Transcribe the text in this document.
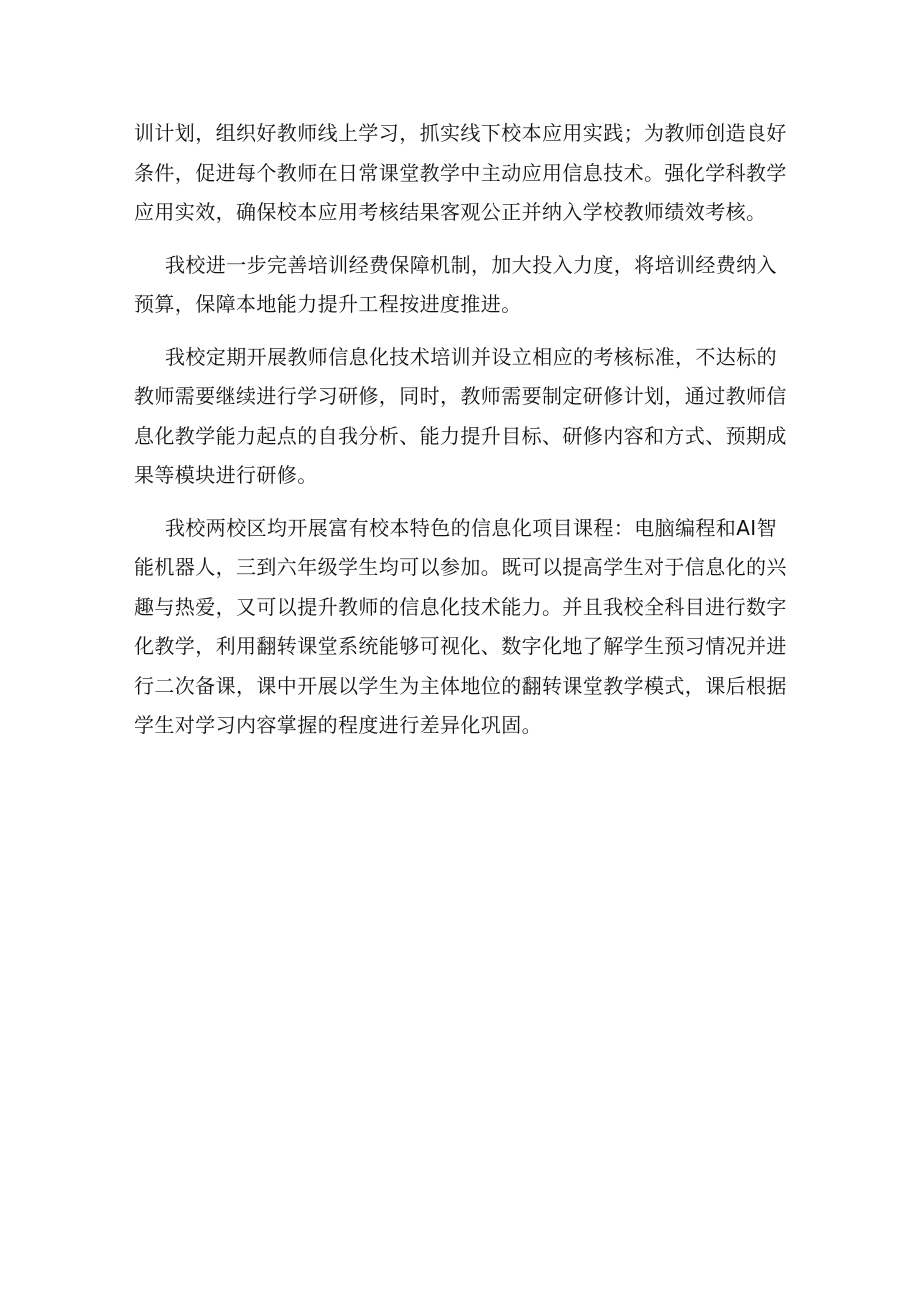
训计划，组织好教师线上学习，抓实线下校本应用实践；为教师创造良好条件，促进每个教师在日常课堂教学中主动应用信息技术。强化学科教学应用实效，确保校本应用考核结果客观公正并纳入学校教师绩效考核。

我校进一步完善培训经费保障机制，加大投入力度，将培训经费纳入预算，保障本地能力提升工程按进度推进。

我校定期开展教师信息化技术培训并设立相应的考核标准，不达标的教师需要继续进行学习研修，同时，教师需要制定研修计划，通过教师信息化教学能力起点的自我分析、能力提升目标、研修内容和方式、预期成果等模块进行研修。

我校两校区均开展富有校本特色的信息化项目课程：电脑编程和AI智能机器人，三到六年级学生均可以参加。既可以提高学生对于信息化的兴趣与热爱，又可以提升教师的信息化技术能力。并且我校全科目进行数字化教学，利用翻转课堂系统能够可视化、数字化地了解学生预习情况并进行二次备课，课中开展以学生为主体地位的翻转课堂教学模式，课后根据学生对学习内容掌握的程度进行差异化巩固。
